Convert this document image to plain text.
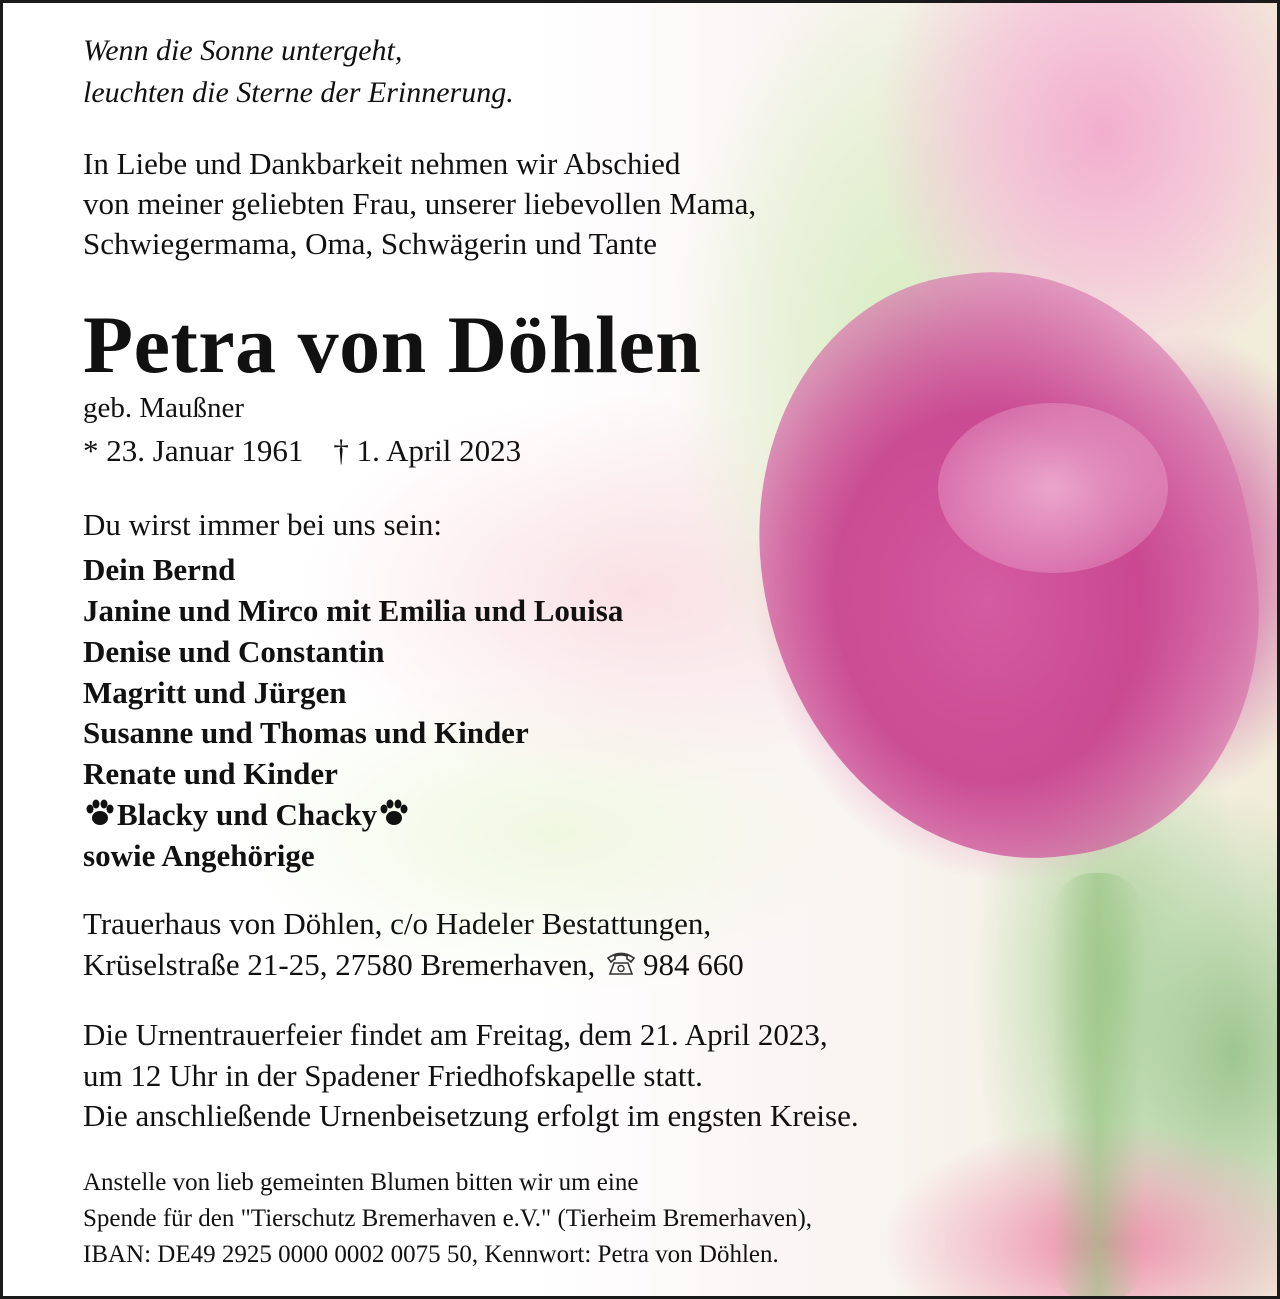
Wenn die Sonne untergeht,
leuchten die Sterne der Erinnerung.
In Liebe und Dankbarkeit nehmen wir Abschied
von meiner geliebten Frau, unserer liebevollen Mama,
Schwiegermama, Oma, Schwägerin und Tante
Petra von Döhlen
geb. Maußner
* 23. Januar 1961 † 1. April 2023
Du wirst immer bei uns sein:
Dein Bernd
Janine und Mirco mit Emilia und Louisa
Denise und Constantin
Magritt und Jürgen
Susanne und Thomas und Kinder
Renate und Kinder
Blacky und Chacky
sowie Angehörige
Trauerhaus von Döhlen, c/o Hadeler Bestattungen,
Krüselstraße 21-25, 27580 Bremerhaven, 984 660
Die Urnentrauerfeier findet am Freitag, dem 21. April 2023,
um 12 Uhr in der Spadener Friedhofskapelle statt.
Die anschließende Urnenbeisetzung erfolgt im engsten Kreise.
Anstelle von lieb gemeinten Blumen bitten wir um eine
Spende für den "Tierschutz Bremerhaven e.V." (Tierheim Bremerhaven),
IBAN: DE49 2925 0000 0002 0075 50, Kennwort: Petra von Döhlen.
